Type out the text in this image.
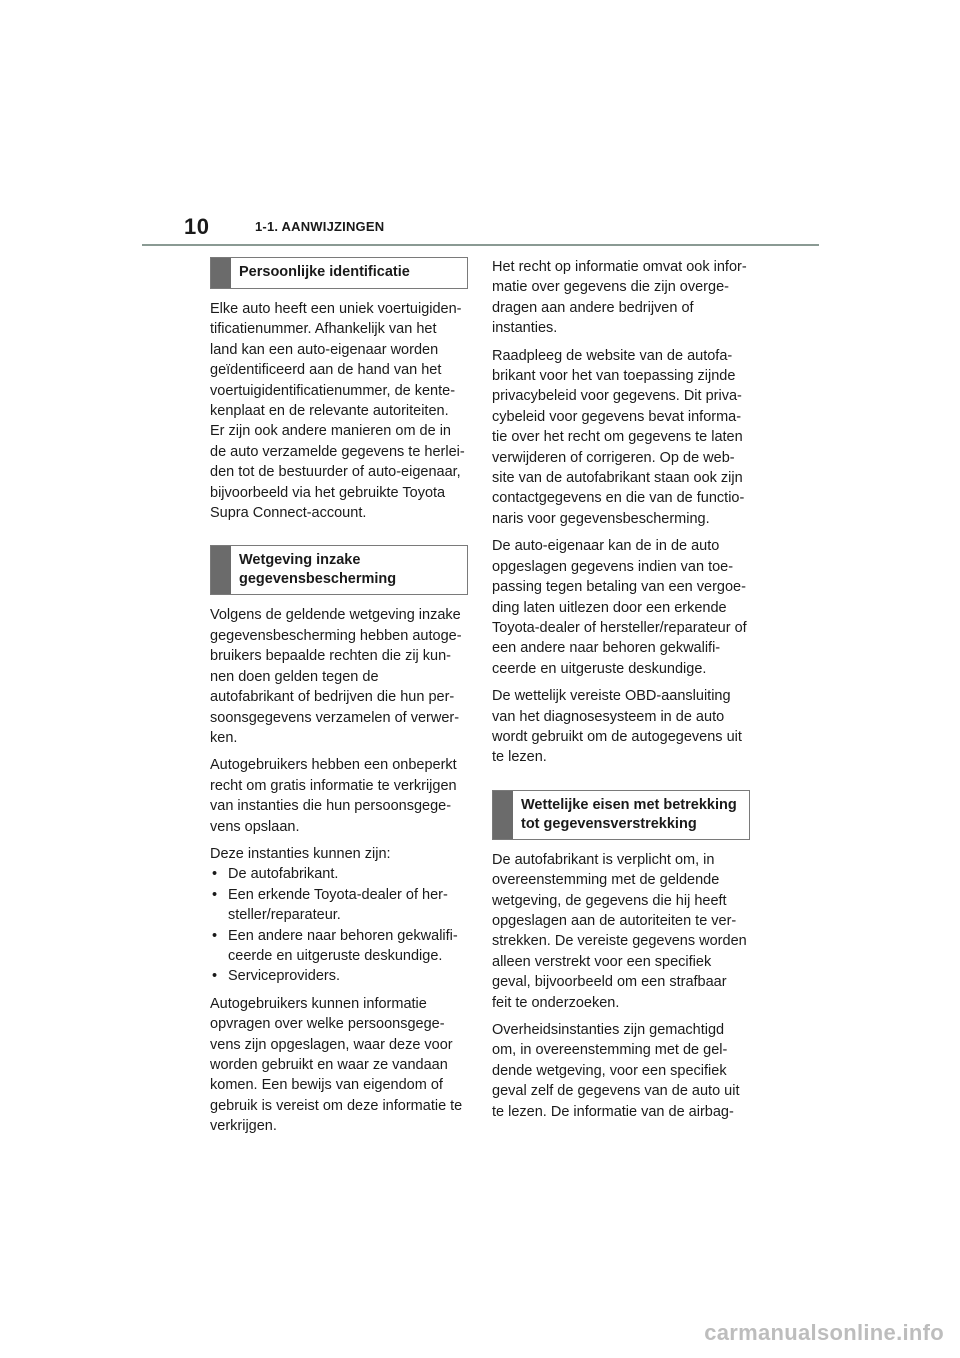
10	1-1. AANWIJZINGEN
Persoonlijke identificatie

Elke auto heeft een uniek voertuigiden-
tificatienummer. Afhankelijk van het
land kan een auto-eigenaar worden
geïdentificeerd aan de hand van het
voertuigidentificatienummer, de kente-
kenplaat en de relevante autoriteiten.
Er zijn ook andere manieren om de in
de auto verzamelde gegevens te herlei-
den tot de bestuurder of auto-eigenaar,
bijvoorbeeld via het gebruikte Toyota
Supra Connect-account.

Wetgeving inzake
gegevensbescherming

Volgens de geldende wetgeving inzake
gegevensbescherming hebben autoge-
bruikers bepaalde rechten die zij kun-
nen doen gelden tegen de
autofabrikant of bedrijven die hun per-
soonsgegevens verzamelen of verwer-
ken.

Autogebruikers hebben een onbeperkt
recht om gratis informatie te verkrijgen
van instanties die hun persoonsgege-
vens opslaan.

Deze instanties kunnen zijn:

• De autofabrikant.
• Een erkende Toyota-dealer of her-
steller/reparateur.
• Een andere naar behoren gekwalifi-
ceerde en uitgeruste deskundige.
• Serviceproviders.

Autogebruikers kunnen informatie
opvragen over welke persoonsgege-
vens zijn opgeslagen, waar deze voor
worden gebruikt en waar ze vandaan
komen. Een bewijs van eigendom of
gebruik is vereist om deze informatie te
verkrijgen.

Het recht op informatie omvat ook infor-
matie over gegevens die zijn overge-
dragen aan andere bedrijven of
instanties.

Raadpleeg de website van de autofa-
brikant voor het van toepassing zijnde
privacybeleid voor gegevens. Dit priva-
cybeleid voor gegevens bevat informa-
tie over het recht om gegevens te laten
verwijderen of corrigeren. Op de web-
site van de autofabrikant staan ook zijn
contactgegevens en die van de functio-
naris voor gegevensbescherming.

De auto-eigenaar kan de in de auto
opgeslagen gegevens indien van toe-
passing tegen betaling van een vergoe-
ding laten uitlezen door een erkende
Toyota-dealer of hersteller/reparateur of
een andere naar behoren gekwalifi-
ceerde en uitgeruste deskundige.

De wettelijk vereiste OBD-aansluiting
van het diagnosesysteem in de auto
wordt gebruikt om de autogegevens uit
te lezen.

Wettelijke eisen met betrekking
tot gegevensverstrekking

De autofabrikant is verplicht om, in
overeenstemming met de geldende
wetgeving, de gegevens die hij heeft
opgeslagen aan de autoriteiten te ver-
strekken. De vereiste gegevens worden
alleen verstrekt voor een specifiek
geval, bijvoorbeeld om een strafbaar
feit te onderzoeken.

Overheidsinstanties zijn gemachtigd
om, in overeenstemming met de gel-
dende wetgeving, voor een specifiek
geval zelf de gegevens van de auto uit
te lezen. De informatie van de airbag-

carmanualsonline.info
